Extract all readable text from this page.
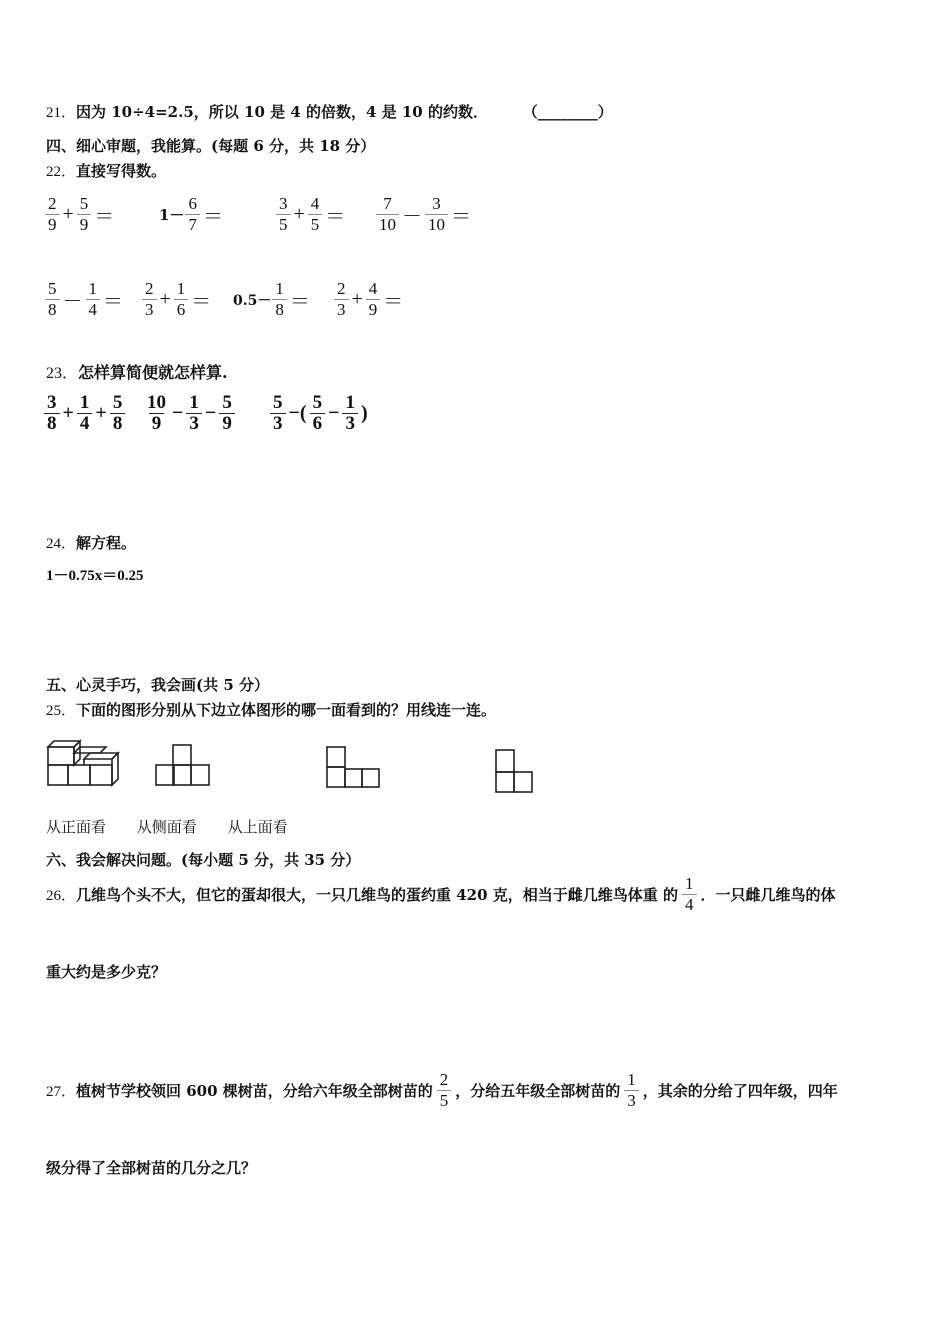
21．因为 10÷4=2.5，所以 10 是 4 的倍数，4 是 10 的约数． （________）
四、细心审题，我能算。(每题 6 分，共 18 分）
22．直接写得数。
$\frac{2}{9} + \frac{5}{9}$ ＝	$1- \frac{6}{7}$ ＝	$\frac{3}{5} + \frac{4}{5} = \frac{7}{10} - \frac{3}{10}$ ＝
$\frac{5}{8} - \frac{1}{4} = \frac{2}{3} + \frac{1}{6} = 0.5- \frac{1}{8} = \frac{2}{3} + \frac{4}{9}$ ＝
23．怎样算简便就怎样算.
$\frac{3}{8} + \frac{1}{4} + \frac{5}{8} \frac{10}{9} - \frac{1}{3} - \frac{5}{9} \frac{5}{3}$ −( $\frac{5}{6} - \frac{1}{3}$ )
24．解方程。
1－0.75x＝0.25
五、心灵手巧，我会画(共 5 分）
25．下面的图形分别从下边立体图形的哪一面看到的？用线连一连。
从正面看 从侧面看 从上面看
六、我会解决问题。(每小题 5 分，共 35 分）
26． 几维鸟个头不大，但它的蛋却很大，一只几维鸟的蛋约重 420 克，相当于雌几维鸟体重 的 $\frac{1}{4}$ ．一只雌几维鸟的体
重大约是多少克？
27． 植树节学校领回 600 棵树苗，分给六年级全部树苗的 $\frac{2}{5}$ ，分给五年级全部树苗的 $\frac{1}{3}$ ，其余的分给了四年级，四年
级分得了全部树苗的几分之几？
